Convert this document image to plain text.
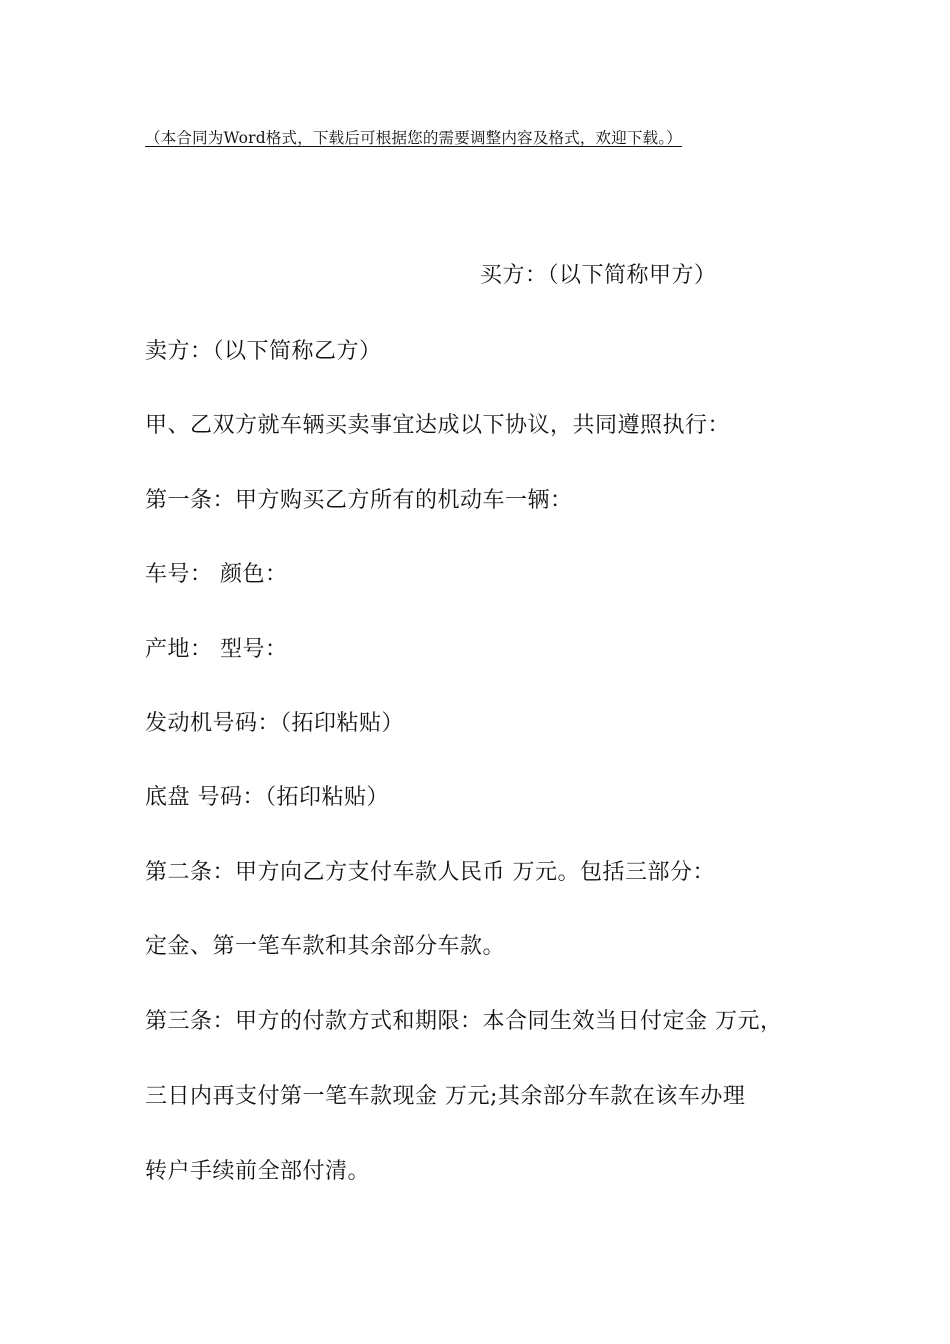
（本合同为Word格式，下载后可根据您的需要调整内容及格式，欢迎下载。）
买方：（以下简称甲方）
卖方：（以下简称乙方）
甲、乙双方就车辆买卖事宜达成以下协议，共同遵照执行：
第一条：甲方购买乙方所有的机动车一辆：
车号： 颜色：
产地： 型号：
发动机号码：（拓印粘贴）
底盘 号码：（拓印粘贴）
第二条：甲方向乙方支付车款人民币 万元。包括三部分：
定金、第一笔车款和其余部分车款。
第三条：甲方的付款方式和期限：本合同生效当日付定金 万元，
三日内再支付第一笔车款现金 万元;其余部分车款在该车办理
转户手续前全部付清。
